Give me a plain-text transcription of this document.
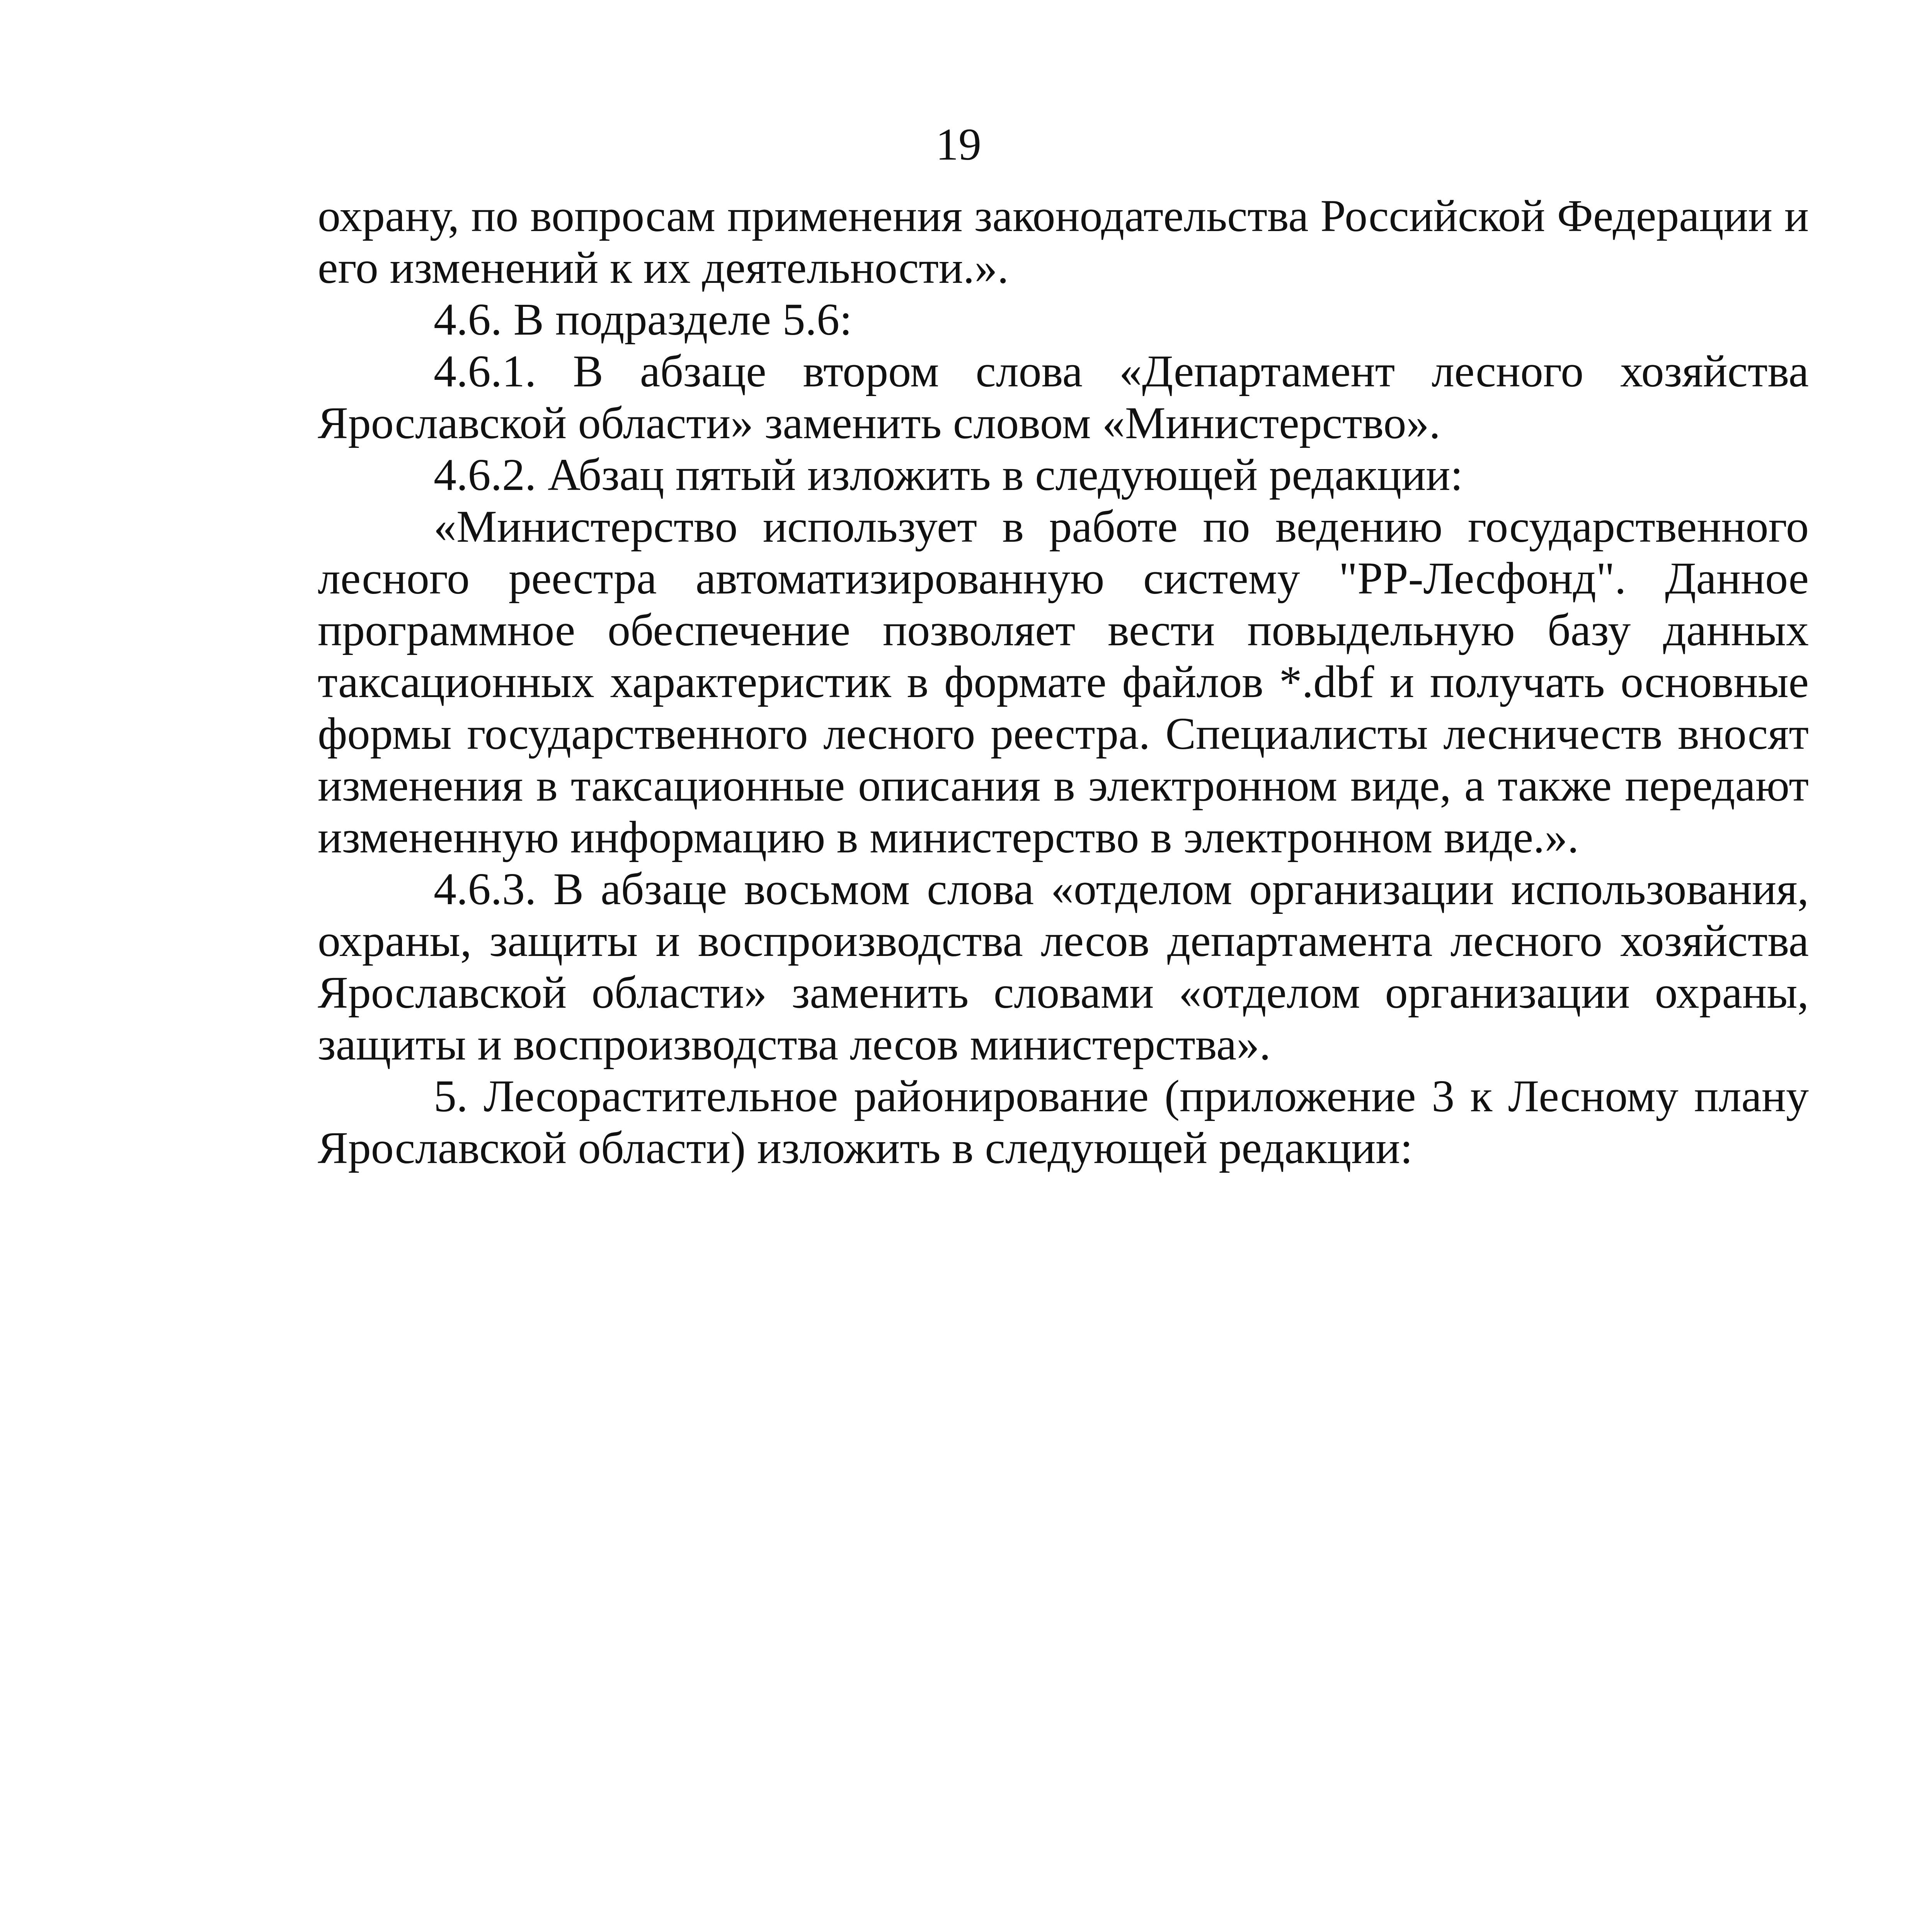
19

охрану, по вопросам применения законодательства Российской Федерации и его изменений к их деятельности.».

4.6. В подразделе 5.6:

4.6.1. В абзаце втором слова «Департамент лесного хозяйства Ярославской области» заменить словом «Министерство».

4.6.2. Абзац пятый изложить в следующей редакции:

«Министерство использует в работе по ведению государственного лесного реестра автоматизированную систему "РР-Лесфонд". Данное программное обеспечение позволяет вести повыдельную базу данных таксационных характеристик в формате файлов *.dbf и получать основные формы государственного лесного реестра. Специалисты лесничеств вносят изменения в таксационные описания в электронном виде, а также передают измененную информацию в министерство в электронном виде.».

4.6.3. В абзаце восьмом слова «отделом организации использования, охраны, защиты и воспроизводства лесов департамента лесного хозяйства Ярославской области» заменить словами «отделом организации охраны, защиты и воспроизводства лесов министерства».

5. Лесорастительное районирование (приложение 3 к Лесному плану Ярославской области) изложить в следующей редакции:
